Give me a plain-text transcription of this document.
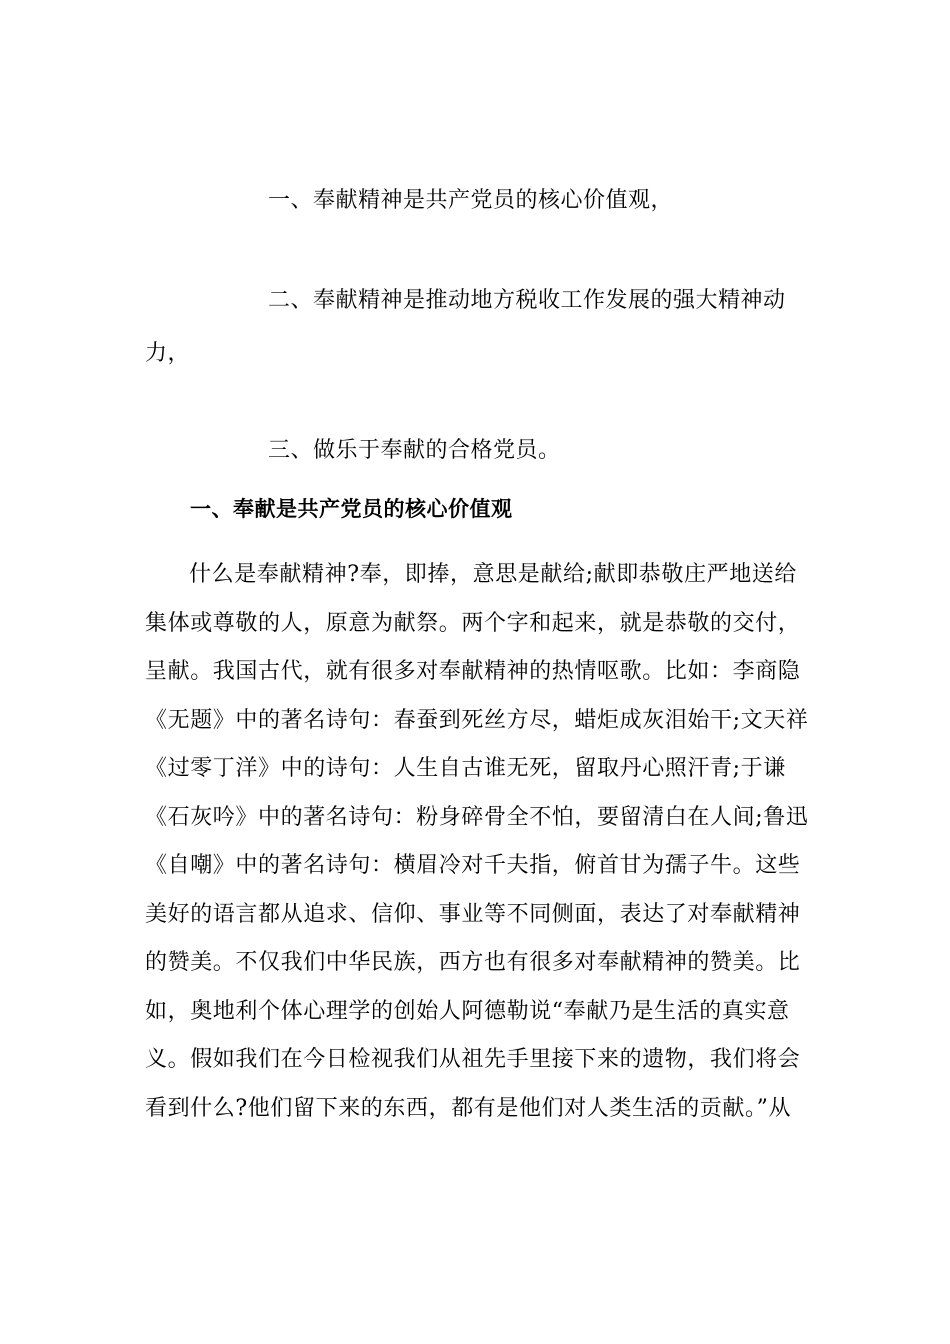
一、奉献精神是共产党员的核心价值观，
二、奉献精神是推动地方税收工作发展的强大精神动
力，
三、做乐于奉献的合格党员。
一、奉献是共产党员的核心价值观
什么是奉献精神?奉，即捧，意思是献给;献即恭敬庄严地送给
集体或尊敬的人，原意为献祭。两个字和起来，就是恭敬的交付，
呈献。我国古代，就有很多对奉献精神的热情呕歌。比如：李商隐
《无题》中的著名诗句：春蚕到死丝方尽，蜡炬成灰泪始干;文天祥
《过零丁洋》中的诗句：人生自古谁无死，留取丹心照汗青;于谦
《石灰吟》中的著名诗句：粉身碎骨全不怕，要留清白在人间;鲁迅
《自嘲》中的著名诗句：横眉冷对千夫指，俯首甘为孺子牛。这些
美好的语言都从追求、信仰、事业等不同侧面，表达了对奉献精神
的赞美。不仅我们中华民族，西方也有很多对奉献精神的赞美。比
如，奥地利个体心理学的创始人阿德勒说“奉献乃是生活的真实意
义。假如我们在今日检视我们从祖先手里接下来的遗物，我们将会
看到什么?他们留下来的东西，都有是他们对人类生活的贡献。”从
